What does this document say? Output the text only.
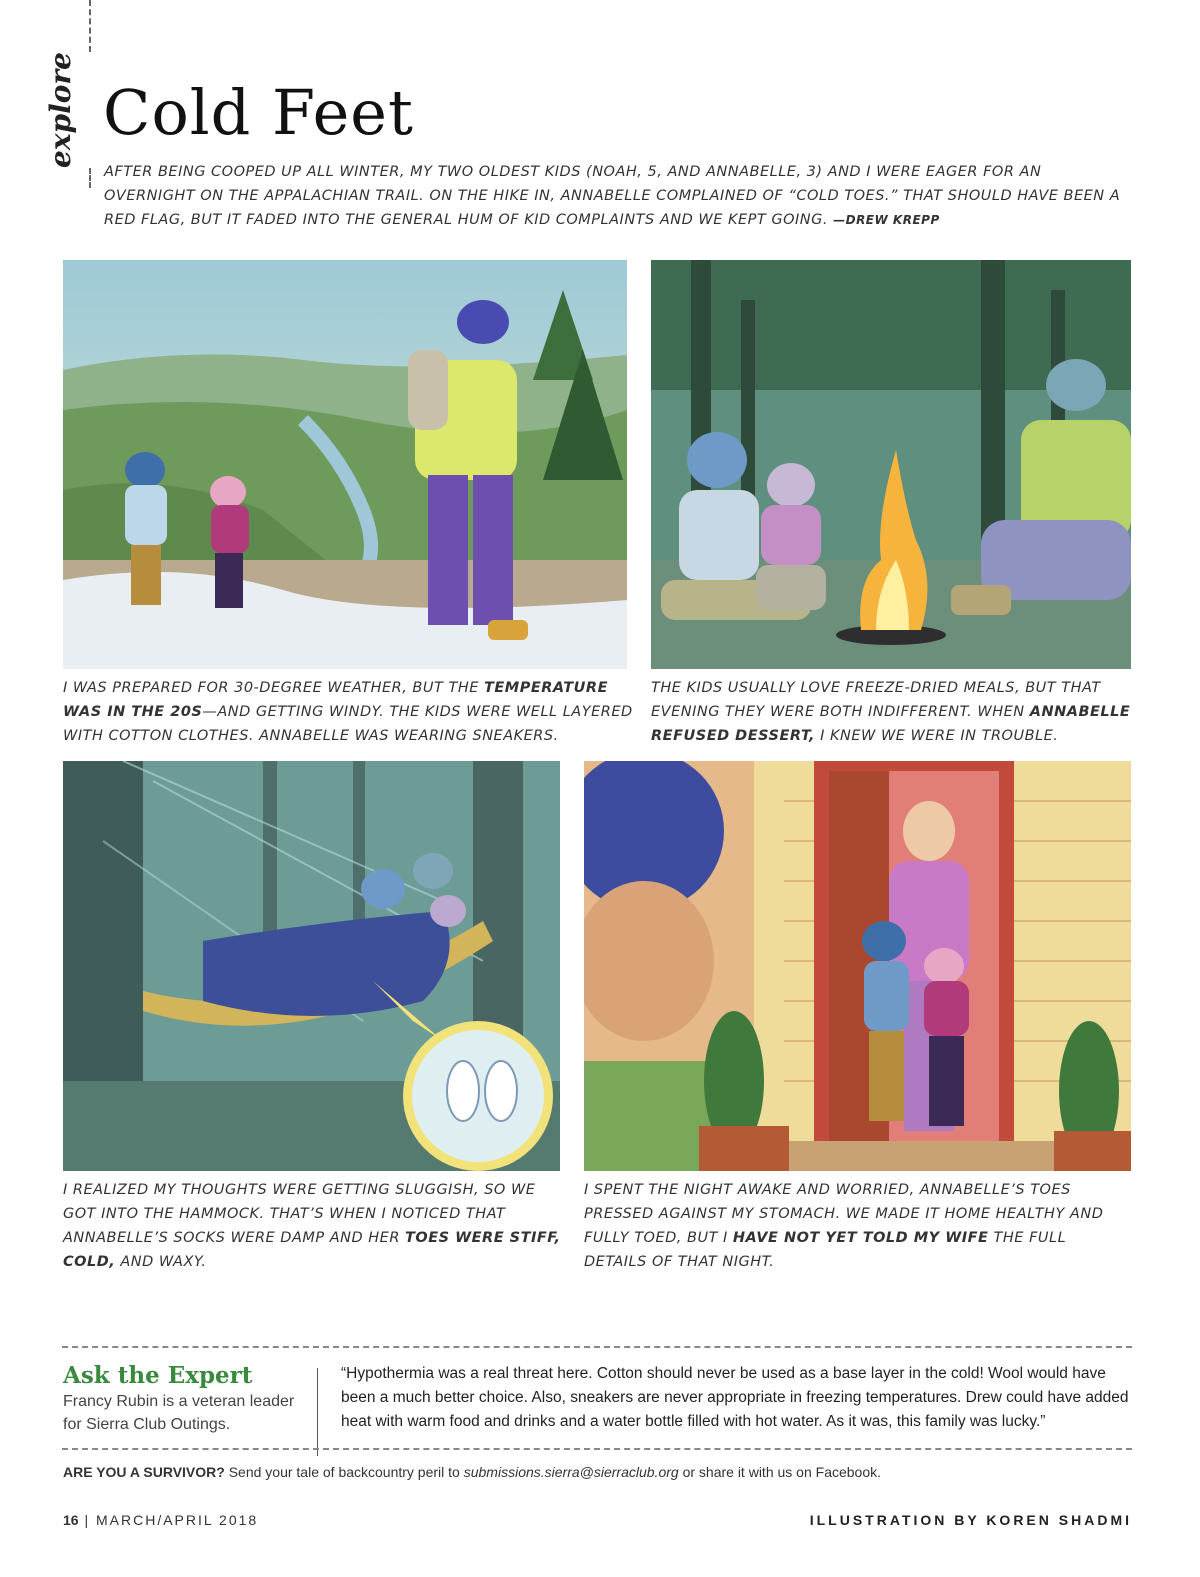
explore Cold Feet
AFTER BEING COOPED UP ALL WINTER, MY TWO OLDEST KIDS (NOAH, 5, AND ANNABELLE, 3) AND I WERE EAGER FOR AN OVERNIGHT ON THE APPALACHIAN TRAIL. ON THE HIKE IN, ANNABELLE COMPLAINED OF “COLD TOES.” THAT SHOULD HAVE BEEN A RED FLAG, BUT IT FADED INTO THE GENERAL HUM OF KID COMPLAINTS AND WE KEPT GOING. —DREW KREPP
I WAS PREPARED FOR 30-DEGREE WEATHER, BUT THE TEMPERATURE WAS IN THE 20S—AND GETTING WINDY. THE KIDS WERE WELL LAYERED WITH COTTON CLOTHES. ANNABELLE WAS WEARING SNEAKERS.
THE KIDS USUALLY LOVE FREEZE-DRIED MEALS, BUT THAT EVENING THEY WERE BOTH INDIFFERENT. WHEN ANNABELLE REFUSED DESSERT, I KNEW WE WERE IN TROUBLE.
I REALIZED MY THOUGHTS WERE GETTING SLUGGISH, SO WE GOT INTO THE HAMMOCK. THAT’S WHEN I NOTICED THAT ANNABELLE’S SOCKS WERE DAMP AND HER TOES WERE STIFF, COLD, AND WAXY.
I SPENT THE NIGHT AWAKE AND WORRIED, ANNABELLE’S TOES PRESSED AGAINST MY STOMACH. WE MADE IT HOME HEALTHY AND FULLY TOED, BUT I HAVE NOT YET TOLD MY WIFE THE FULL DETAILS OF THAT NIGHT.
Ask the Expert
Francy Rubin is a veteran leader for Sierra Club Outings.
“Hypothermia was a real threat here. Cotton should never be used as a base layer in the cold! Wool would have been a much better choice. Also, sneakers are never appropriate in freezing temperatures. Drew could have added heat with warm food and drinks and a water bottle filled with hot water. As it was, this family was lucky.”
ARE YOU A SURVIVOR? Send your tale of backcountry peril to submissions.sierra@sierraclub.org or share it with us on Facebook.
16 | MARCH/APRIL 2018	ILLUSTRATION BY KOREN SHADMI
